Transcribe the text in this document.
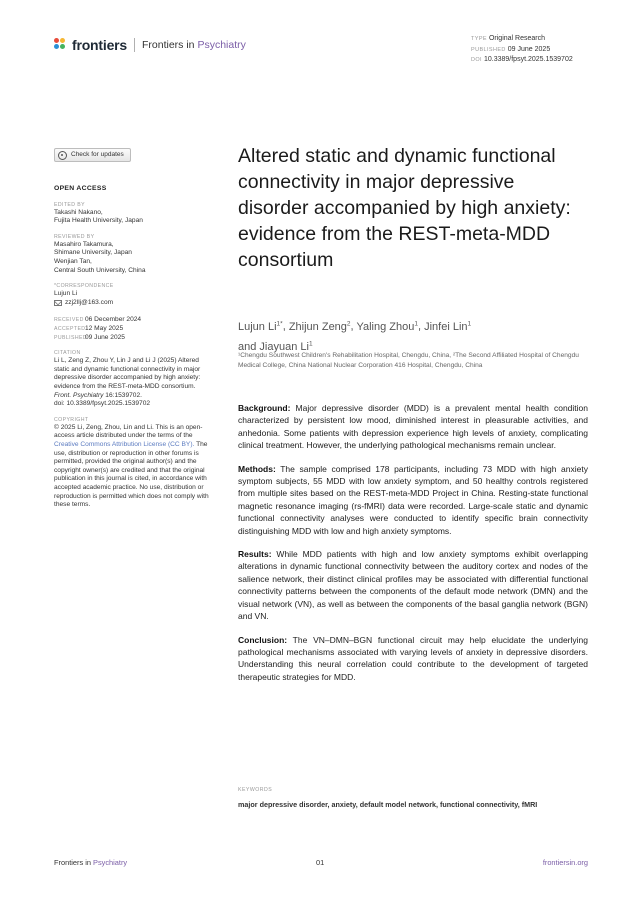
frontiers Frontiers in Psychiatry	TYPE Original Research
PUBLISHED 09 June 2025
DOI 10.3389/fpsyt.2025.1539702
Check for updates
OPEN ACCESS
EDITED BY
Takashi Nakano,
Fujita Health University, Japan
REVIEWED BY
Masahiro Takamura,
Shimane University, Japan
Wenjian Tan,
Central South University, China
*CORRESPONDENCE
Lujun Li
zzj2llj@163.com
RECEIVED 06 December 2024
ACCEPTED 12 May 2025
PUBLISHED
09 June 2025
CITATION
Li L, Zeng Z, Zhou Y, Lin J and Li J (2025) Altered static and dynamic functional connectivity in major depressive disorder accompanied by high anxiety: evidence from the REST-meta-MDD consortium. Front. Psychiatry 16:1539702.
doi: 10.3389/fpsyt.2025.1539702
COPYRIGHT
© 2025 Li, Zeng, Zhou, Lin and Li. This is an open-access article distributed under the terms of the Creative Commons Attribution License (CC BY). The use, distribution or reproduction in other forums is permitted, provided the original author(s) and the copyright owner(s) are credited and that the original publication in this journal is cited, in accordance with accepted academic practice. No use, distribution or reproduction is permitted which does not comply with these terms.
Altered static and dynamic functional connectivity in major depressive disorder accompanied by high anxiety: evidence from the REST-meta-MDD consortium
Lujun $Li^{1*}$, Zhijun Zeng$^2$, Yaling Zhou$^1$, Jinfei Lin$^1$
and Jiayuan Li$^1$
¹Chengdu Southwest Children's Rehabilitation Hospital, Chengdu, China, ²The Second Affiliated Hospital of Chengdu Medical College, China National Nuclear Corporation 416 Hospital, Chengdu, China

Background: Major depressive disorder (MDD) is a prevalent mental health condition characterized by persistent low mood, diminished interest in pleasurable activities, and anhedonia. Some patients with depression experience high levels of anxiety, complicating clinical treatment. However, the underlying pathological mechanisms remain unclear.

Methods: The sample comprised 178 participants, including 73 MDD with high anxiety symptom subjects, 55 MDD with low anxiety symptom, and 50 healthy controls registered from multiple sites based on the REST-meta-MDD Project in China. Resting-state functional magnetic resonance imaging (rs-fMRI) data were recorded. Large-scale static and dynamic functional connectivity analyses were conducted to identify specific brain connectivity distinguishing MDD with low and high anxiety symptoms.

Results: While MDD patients with high and low anxiety symptoms exhibit overlapping alterations in dynamic functional connectivity between the auditory cortex and nodes of the salience network, their distinct clinical profiles may be associated with differential functional connectivity patterns between the components of the default mode network (DMN) and the visual network (VN), as well as between the components of the basal ganglia network (BGN) and VN.

Conclusion: The VN–DMN–BGN functional circuit may help elucidate the underlying pathological mechanisms associated with varying levels of anxiety in depressive disorders. Understanding this neural correlation could contribute to the development of targeted therapeutic strategies for MDD.

KEYWORDS
major depressive disorder, anxiety, default model network, functional connectivity, fMRI
Frontiers in Psychiatry	01	frontiersin.org
